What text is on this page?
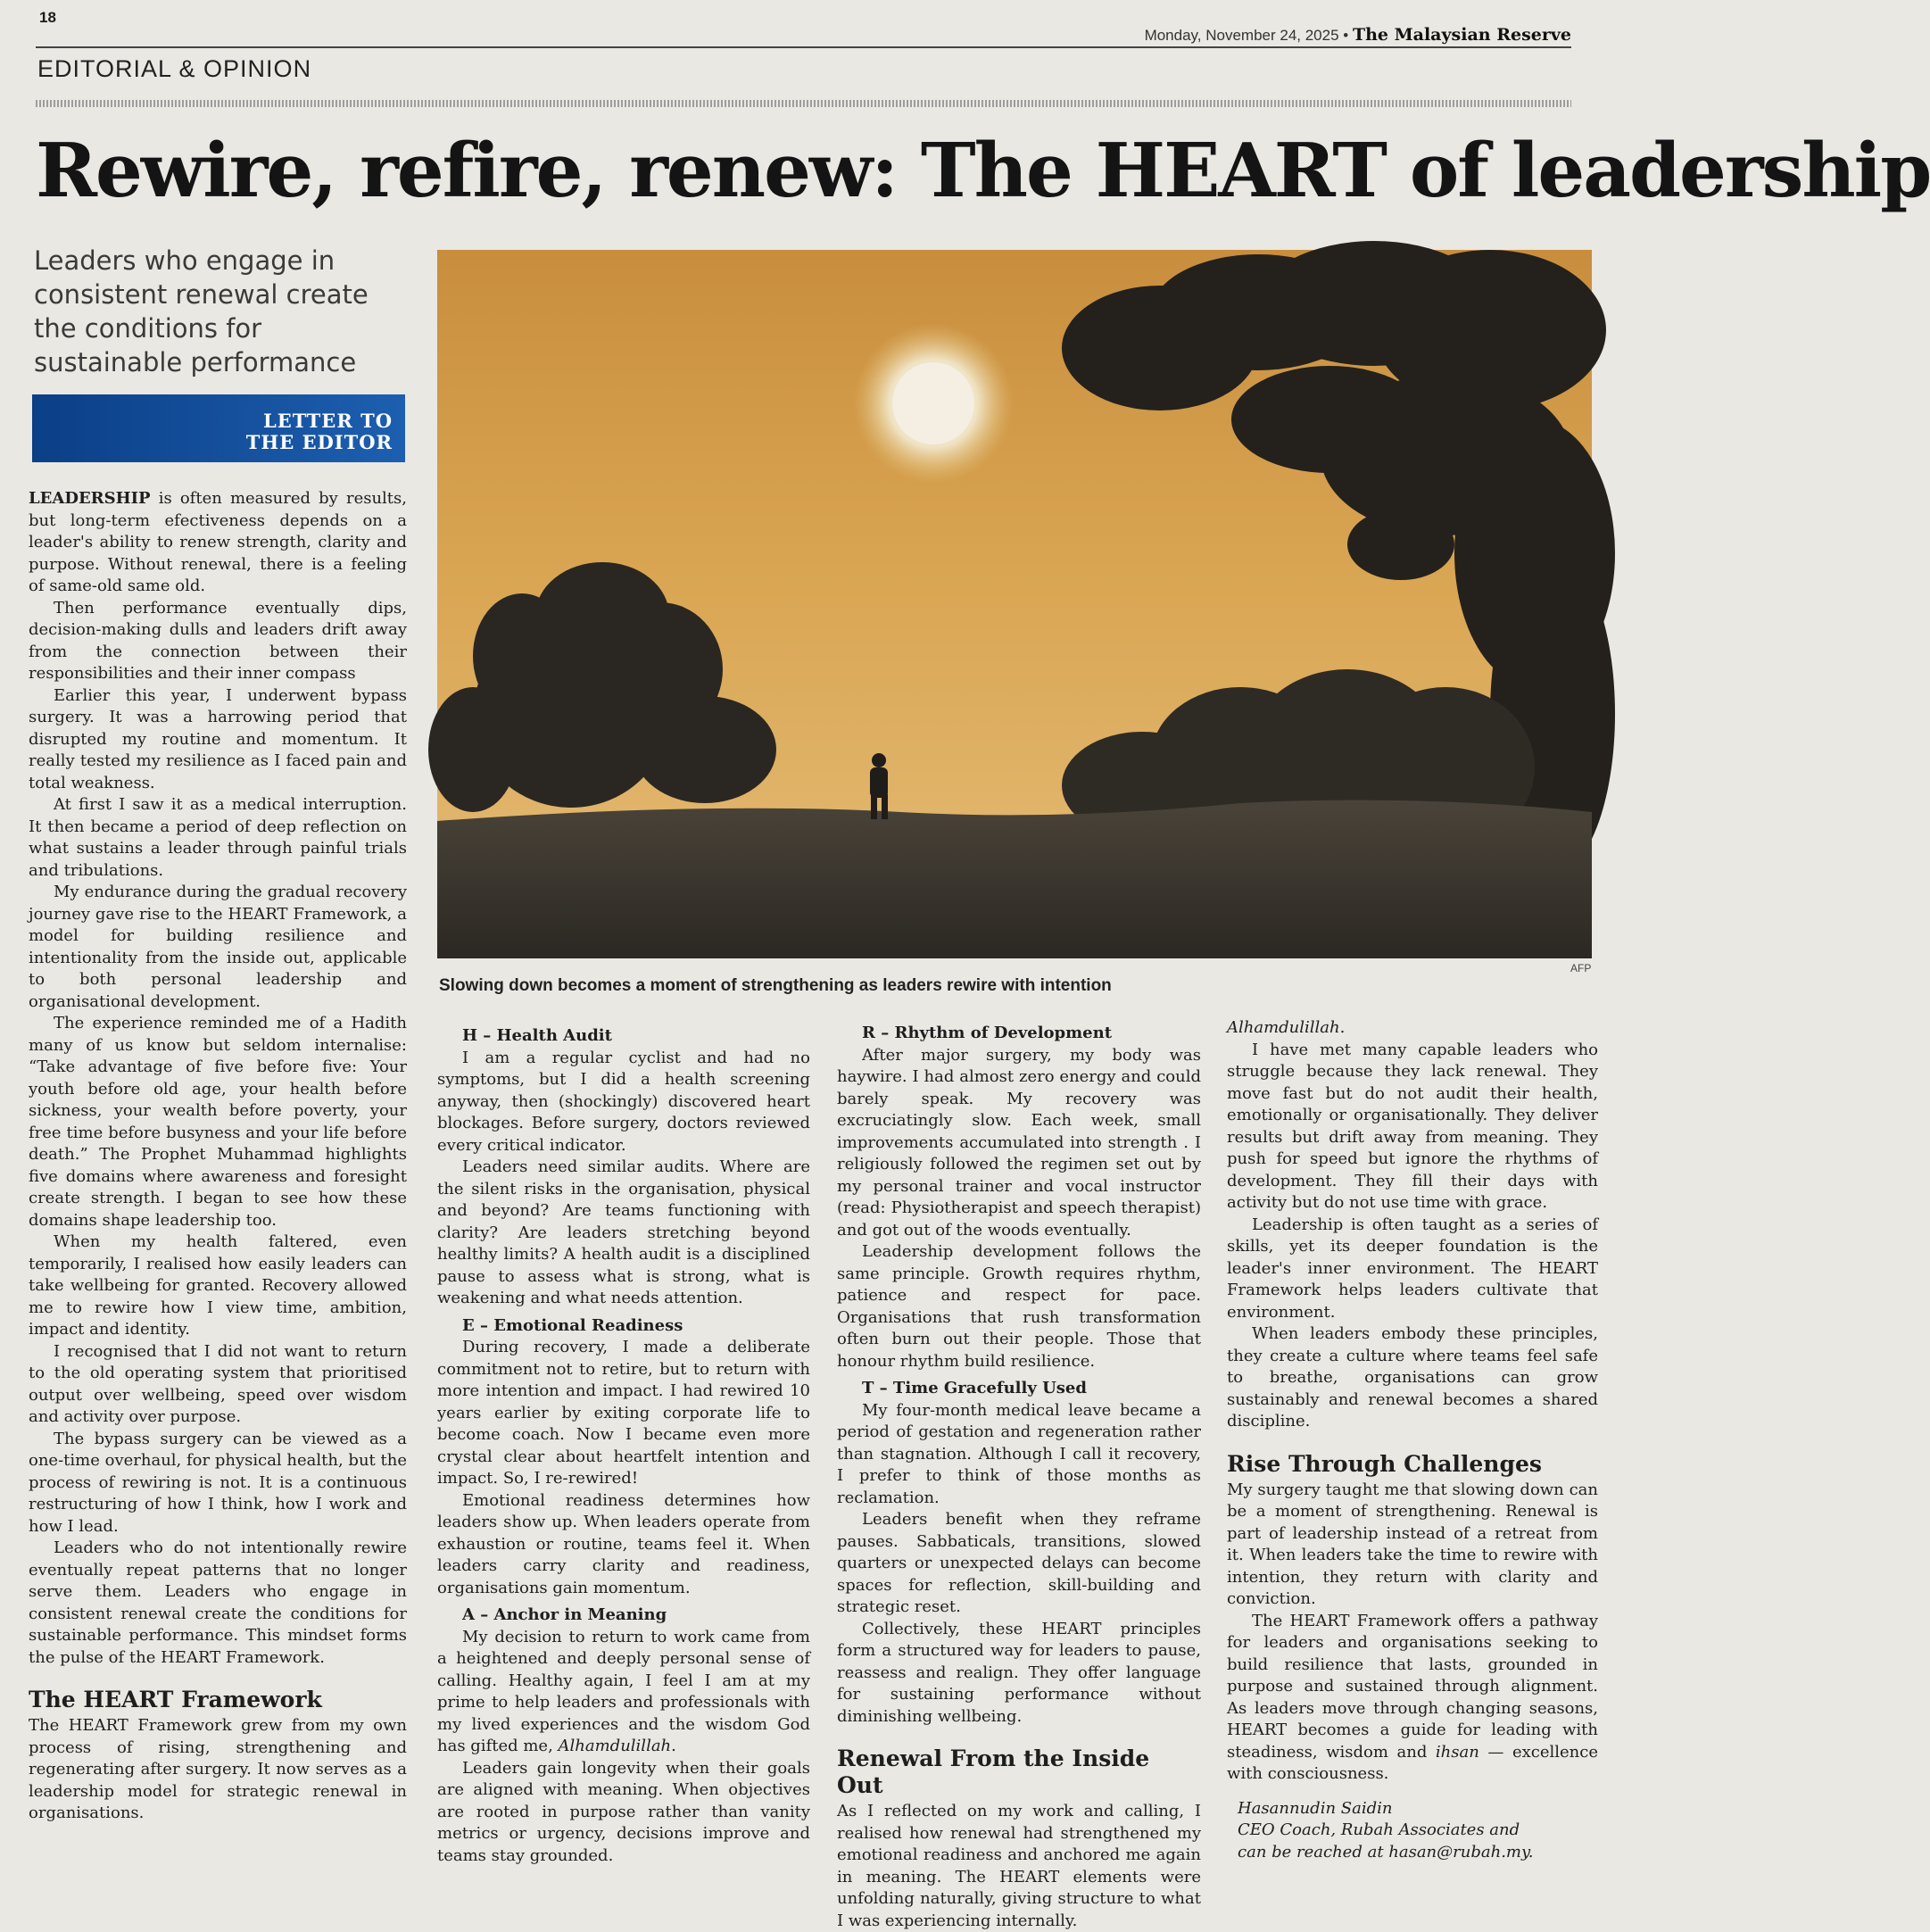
18
Monday, November 24, 2025 • The Malaysian Reserve
EDITORIAL & OPINION
Rewire, refire, renew: The HEART of leadership
Leaders who engage in consistent renewal create the conditions for sustainable performance
LETTER TO
THE EDITOR
AFP
Slowing down becomes a moment of strengthening as leaders rewire with intention

LEADERSHIP is often measured by results, but long-term efectiveness depends on a leader's ability to renew strength, clarity and purpose. Without renewal, there is a feeling of same-old same old.

Then performance eventually dips, decision-making dulls and leaders drift away from the connection between their responsibilities and their inner compass

Earlier this year, I underwent bypass surgery. It was a harrowing period that disrupted my routine and momentum. It really tested my resilience as I faced pain and total weakness.

At first I saw it as a medical interruption. It then became a period of deep reflection on what sustains a leader through painful trials and tribulations.

My endurance during the gradual recovery journey gave rise to the HEART Framework, a model for building resilience and intentionality from the inside out, applicable to both personal leadership and organisational development.

The experience reminded me of a Hadith many of us know but seldom internalise: “Take advantage of five before five: Your youth before old age, your health before sickness, your wealth before poverty, your free time before busyness and your life before death.” The Prophet Muhammad highlights five domains where awareness and foresight create strength. I began to see how these domains shape leadership too.

When my health faltered, even temporarily, I realised how easily leaders can take wellbeing for granted. Recovery allowed me to rewire how I view time, ambition, impact and identity.

I recognised that I did not want to return to the old operating system that prioritised output over wellbeing, speed over wisdom and activity over purpose.

The bypass surgery can be viewed as a one-time overhaul, for physical health, but the process of rewiring is not. It is a continuous restructuring of how I think, how I work and how I lead.

Leaders who do not intentionally rewire eventually repeat patterns that no longer serve them. Leaders who engage in consistent renewal create the conditions for sustainable performance. This mindset forms the pulse of the HEART Framework.

The HEART Framework

The HEART Framework grew from my own process of rising, strengthening and regenerating after surgery. It now serves as a leadership model for strategic renewal in organisations.

H – Health Audit

I am a regular cyclist and had no symptoms, but I did a health screening anyway, then (shockingly) discovered heart blockages. Before surgery, doctors reviewed every critical indicator.

Leaders need similar audits. Where are the silent risks in the organisation, physical and beyond? Are teams functioning with clarity? Are leaders stretching beyond healthy limits? A health audit is a disciplined pause to assess what is strong, what is weakening and what needs attention.

E – Emotional Readiness

During recovery, I made a deliberate commitment not to retire, but to return with more intention and impact. I had rewired 10 years earlier by exiting corporate life to become coach. Now I became even more crystal clear about heartfelt intention and impact. So, I re-rewired!

Emotional readiness determines how leaders show up. When leaders operate from exhaustion or routine, teams feel it. When leaders carry clarity and readiness, organisations gain momentum.

A – Anchor in Meaning

My decision to return to work came from a heightened and deeply personal sense of calling. Healthy again, I feel I am at my prime to help leaders and professionals with my lived experiences and the wisdom God has gifted me, Alhamdulillah.

Leaders gain longevity when their goals are aligned with meaning. When objectives are rooted in purpose rather than vanity metrics or urgency, decisions improve and teams stay grounded.

R – Rhythm of Development

After major surgery, my body was haywire. I had almost zero energy and could barely speak. My recovery was excruciatingly slow. Each week, small improvements accumulated into strength . I religiously followed the regimen set out by my personal trainer and vocal instructor (read: Physiotherapist and speech therapist) and got out of the woods eventually.

Leadership development follows the same principle. Growth requires rhythm, patience and respect for pace. Organisations that rush transformation often burn out their people. Those that honour rhythm build resilience.

T – Time Gracefully Used

My four-month medical leave became a period of gestation and regeneration rather than stagnation. Although I call it recovery, I prefer to think of those months as reclamation.

Leaders benefit when they reframe pauses. Sabbaticals, transitions, slowed quarters or unexpected delays can become spaces for reflection, skill-building and strategic reset.

Collectively, these HEART principles form a structured way for leaders to pause, reassess and realign. They offer language for sustaining performance without diminishing wellbeing.

Renewal From the Inside Out

As I reflected on my work and calling, I realised how renewal had strengthened my emotional readiness and anchored me again in meaning. The HEART elements were unfolding naturally, giving structure to what I was experiencing internally.

Alhamdulillah.

I have met many capable leaders who struggle because they lack renewal. They move fast but do not audit their health, emotionally or organisationally. They deliver results but drift away from meaning. They push for speed but ignore the rhythms of development. They fill their days with activity but do not use time with grace.

Leadership is often taught as a series of skills, yet its deeper foundation is the leader's inner environment. The HEART Framework helps leaders cultivate that environment.

When leaders embody these principles, they create a culture where teams feel safe to breathe, organisations can grow sustainably and renewal becomes a shared discipline.

Rise Through Challenges

My surgery taught me that slowing down can be a moment of strengthening. Renewal is part of leadership instead of a retreat from it. When leaders take the time to rewire with intention, they return with clarity and conviction.

The HEART Framework offers a pathway for leaders and organisations seeking to build resilience that lasts, grounded in purpose and sustained through alignment. As leaders move through changing seasons, HEART becomes a guide for leading with steadiness, wisdom and ihsan — excellence with consciousness.

Hasannudin Saidin
CEO Coach, Rubah Associates and
can be reached at hasan@rubah.my.
